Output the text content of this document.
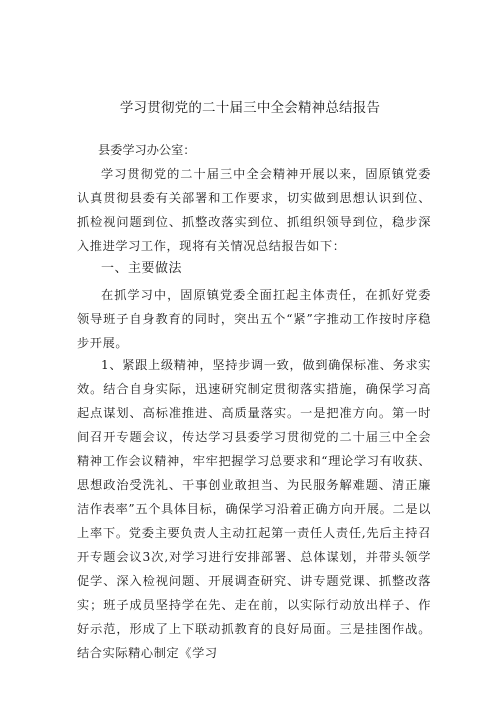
学习贯彻党的二十届三中全会精神总结报告
县委学习办公室：

学习贯彻党的二十届三中全会精神开展以来，固原镇党委认真贯彻县委有关部署和工作要求，切实做到思想认识到位、抓检视问题到位、抓整改落实到位、抓组织领导到位，稳步深入推进学习工作，现将有关情况总结报告如下：

一、主要做法

在抓学习中，固原镇党委全面扛起主体责任，在抓好党委领导班子自身教育的同时，突出五个“紧”字推动工作按时序稳步开展。

1、紧跟上级精神，坚持步调一致，做到确保标准、务求实效。结合自身实际，迅速研究制定贯彻落实措施，确保学习高起点谋划、高标准推进、高质量落实。一是把准方向。第一时间召开专题会议，传达学习县委学习贯彻党的二十届三中全会精神工作会议精神，牢牢把握学习总要求和“理论学习有收获、思想政治受洗礼、干事创业敢担当、为民服务解难题、清正廉洁作表率”五个具体目标，确保学习沿着正确方向开展。二是以上率下。党委主要负责人主动扛起第一责任人责任,先后主持召开专题会议3次,对学习进行安排部署、总体谋划，并带头领学促学、深入检视问题、开展调查研究、讲专题党课、抓整改落实；班子成员坚持学在先、走在前，以实际行动放出样子、作好示范，形成了上下联动抓教育的良好局面。三是挂图作战。结合实际精心制定《学习
